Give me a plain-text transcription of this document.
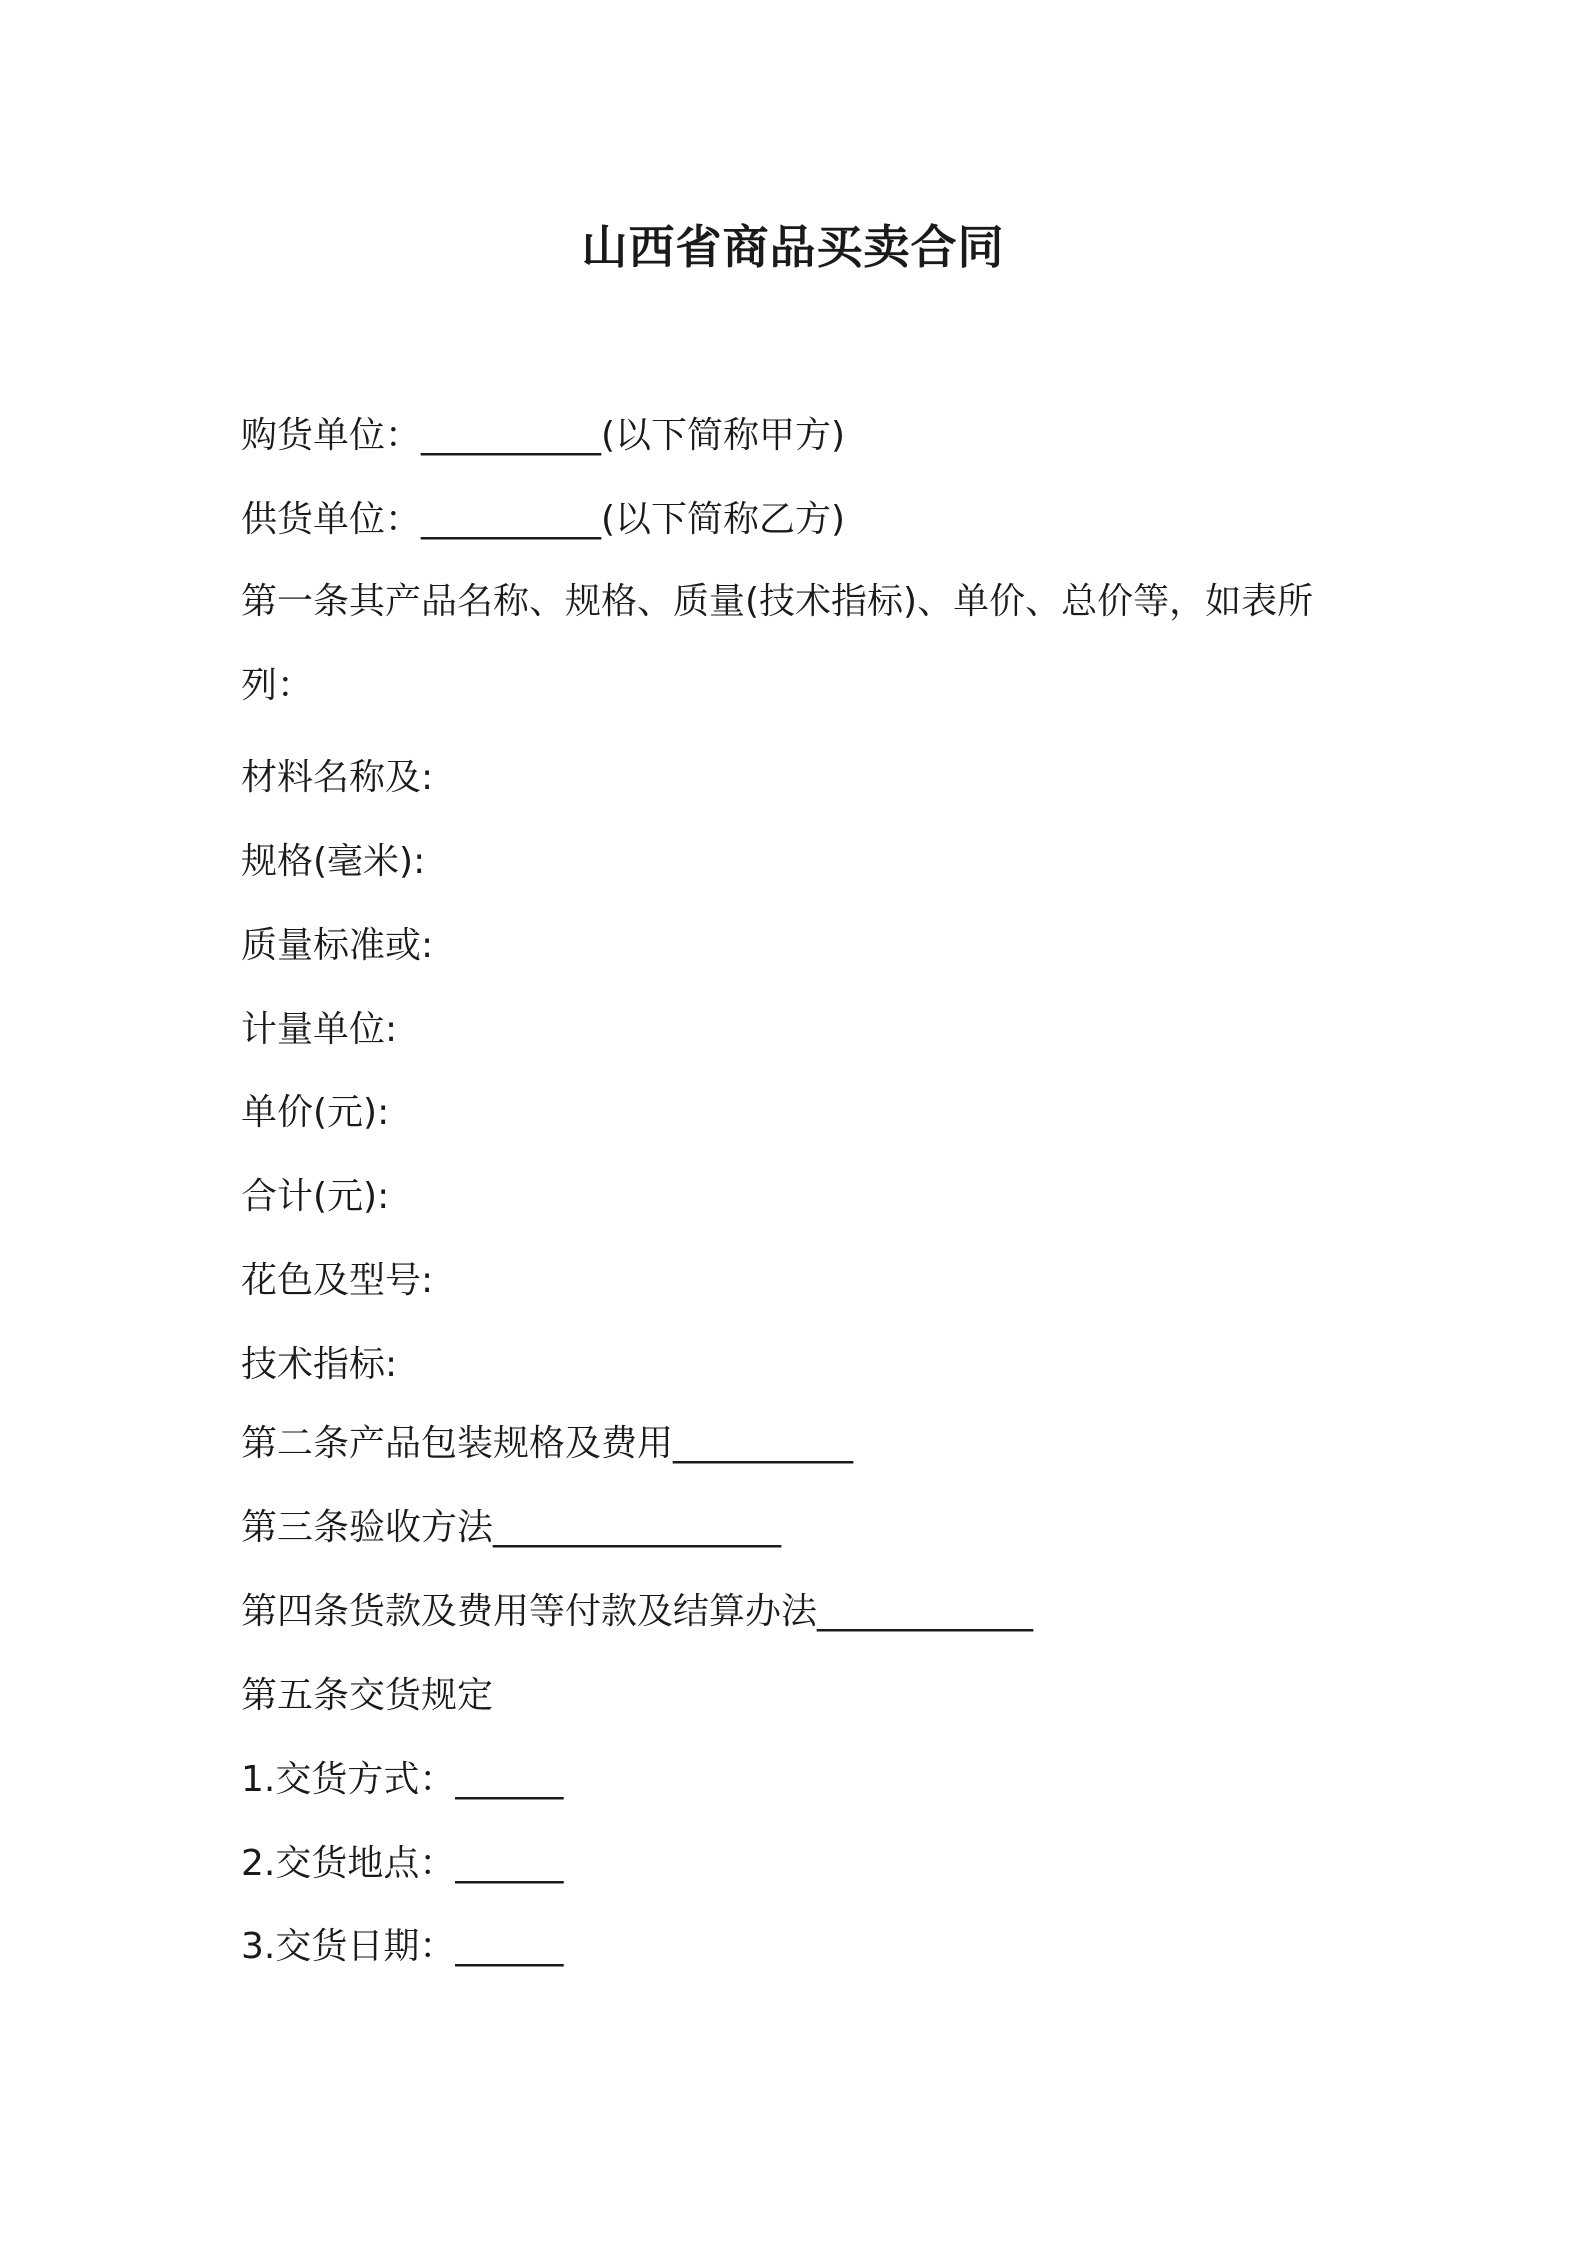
山西省商品买卖合同
购货单位：__________(以下简称甲方)
供货单位：__________(以下简称乙方)
第一条其产品名称、规格、质量(技术指标)、单价、总价等，如表所列：
材料名称及:
规格(毫米):
质量标准或:
计量单位:
单价(元):
合计(元):
花色及型号:
技术指标:
第二条产品包装规格及费用__________
第三条验收方法________________
第四条货款及费用等付款及结算办法____________
第五条交货规定
1.交货方式：______
2.交货地点：______
3.交货日期：______
